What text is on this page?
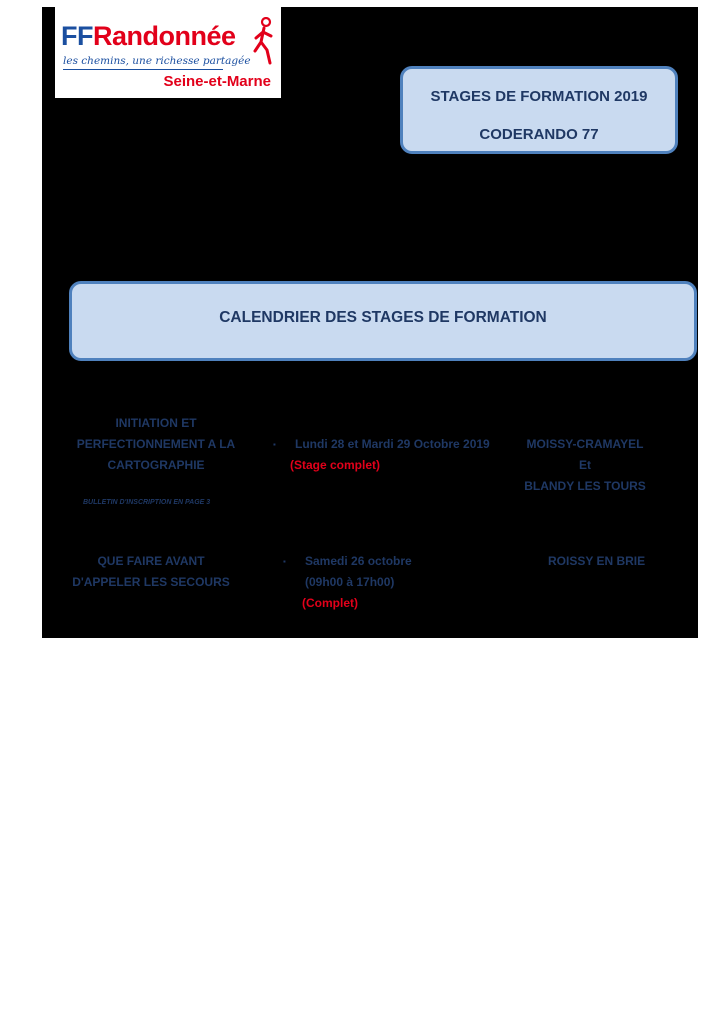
FFRandonnée
les chemins, une richesse partagée
Seine-et-Marne
STAGES DE FORMATION 2019
CODERANDO 77
CALENDRIER DES STAGES DE FORMATION
INITIATION ET
PERFECTIONNEMENT A LA
CARTOGRAPHIE
BULLETIN D'INSCRIPTION EN PAGE 3
▪ Lundi 28 et Mardi 29 Octobre 2019
(Stage complet)
MOISSY-CRAMAYEL
Et
BLANDY LES TOURS
QUE FAIRE AVANT
D'APPELER LES SECOURS
▪ Samedi 26 octobre
(09h00 à 17h00)
(Complet)
ROISSY EN BRIE
